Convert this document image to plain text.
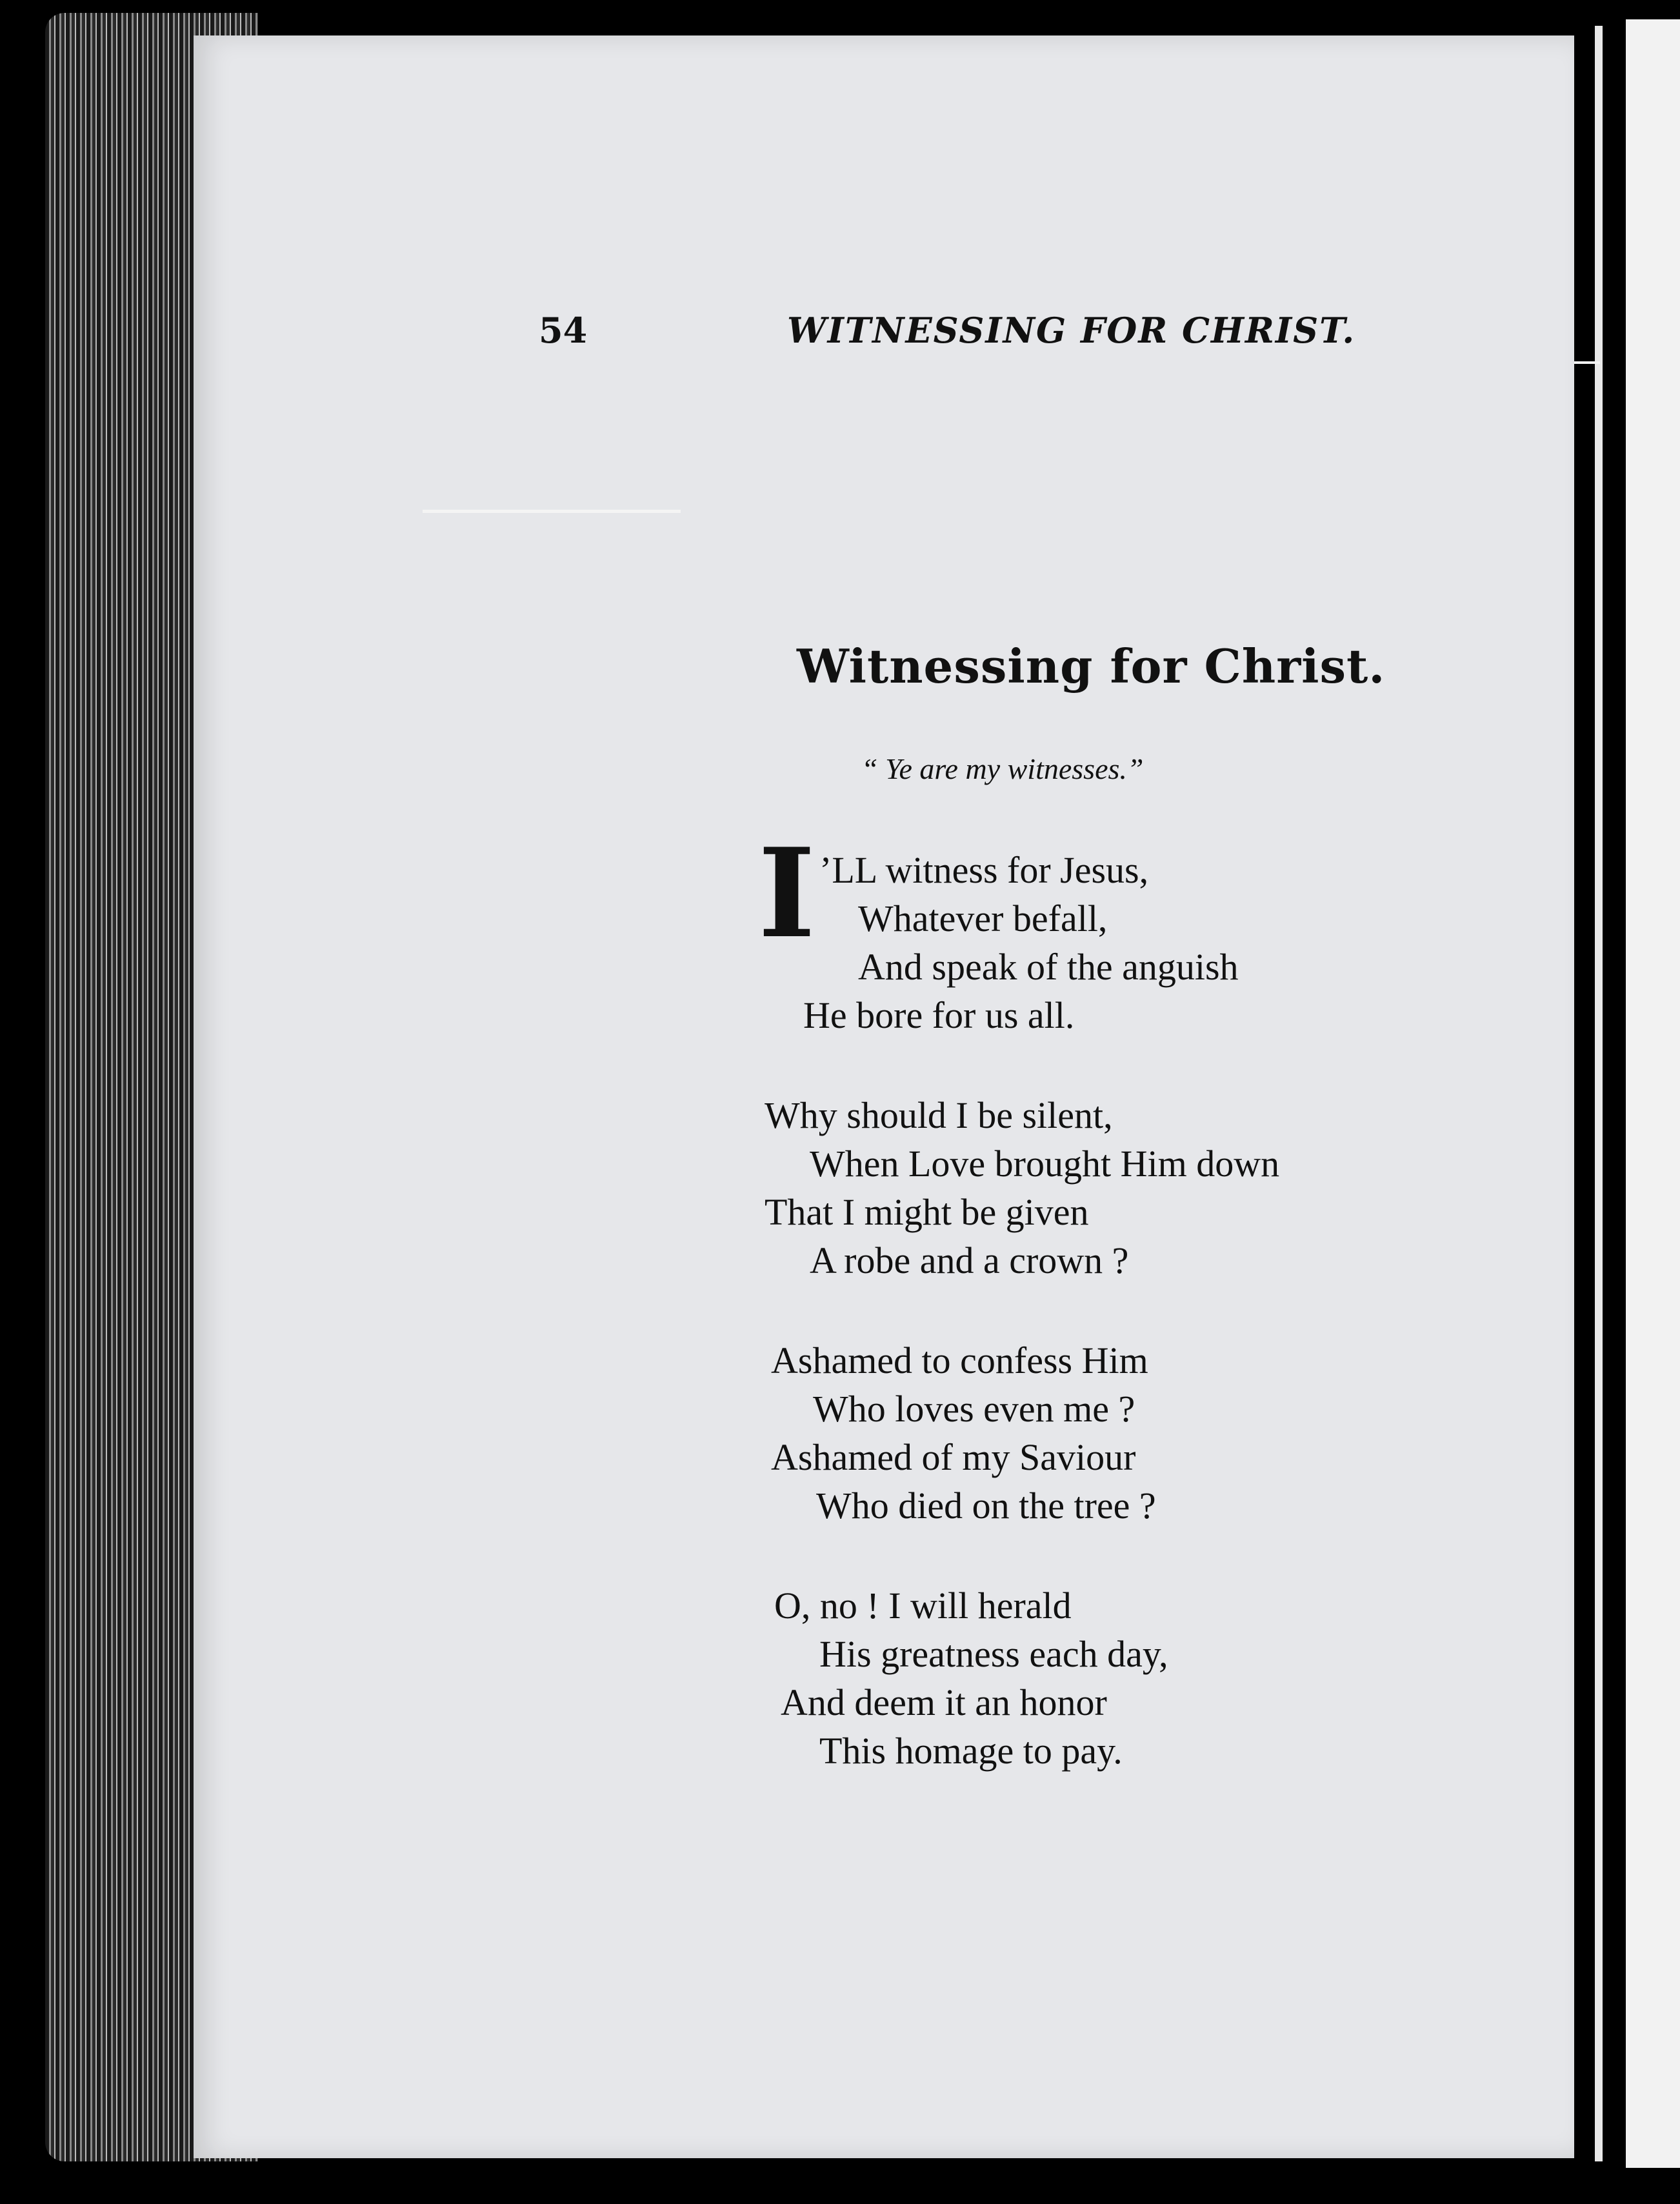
54	WITNESSING FOR CHRIST.
Witnessing for Christ.
“ Ye are my witnesses.”
I ’LL witness for Jesus,
Whatever befall,
And speak of the anguish
He bore for us all.
Why should I be silent,
When Love brought Him down
That I might be given
A robe and a crown ?
Ashamed to confess Him
Who loves even me ?
Ashamed of my Saviour
Who died on the tree ?
O, no ! I will herald
His greatness each day,
And deem it an honor
This homage to pay.
